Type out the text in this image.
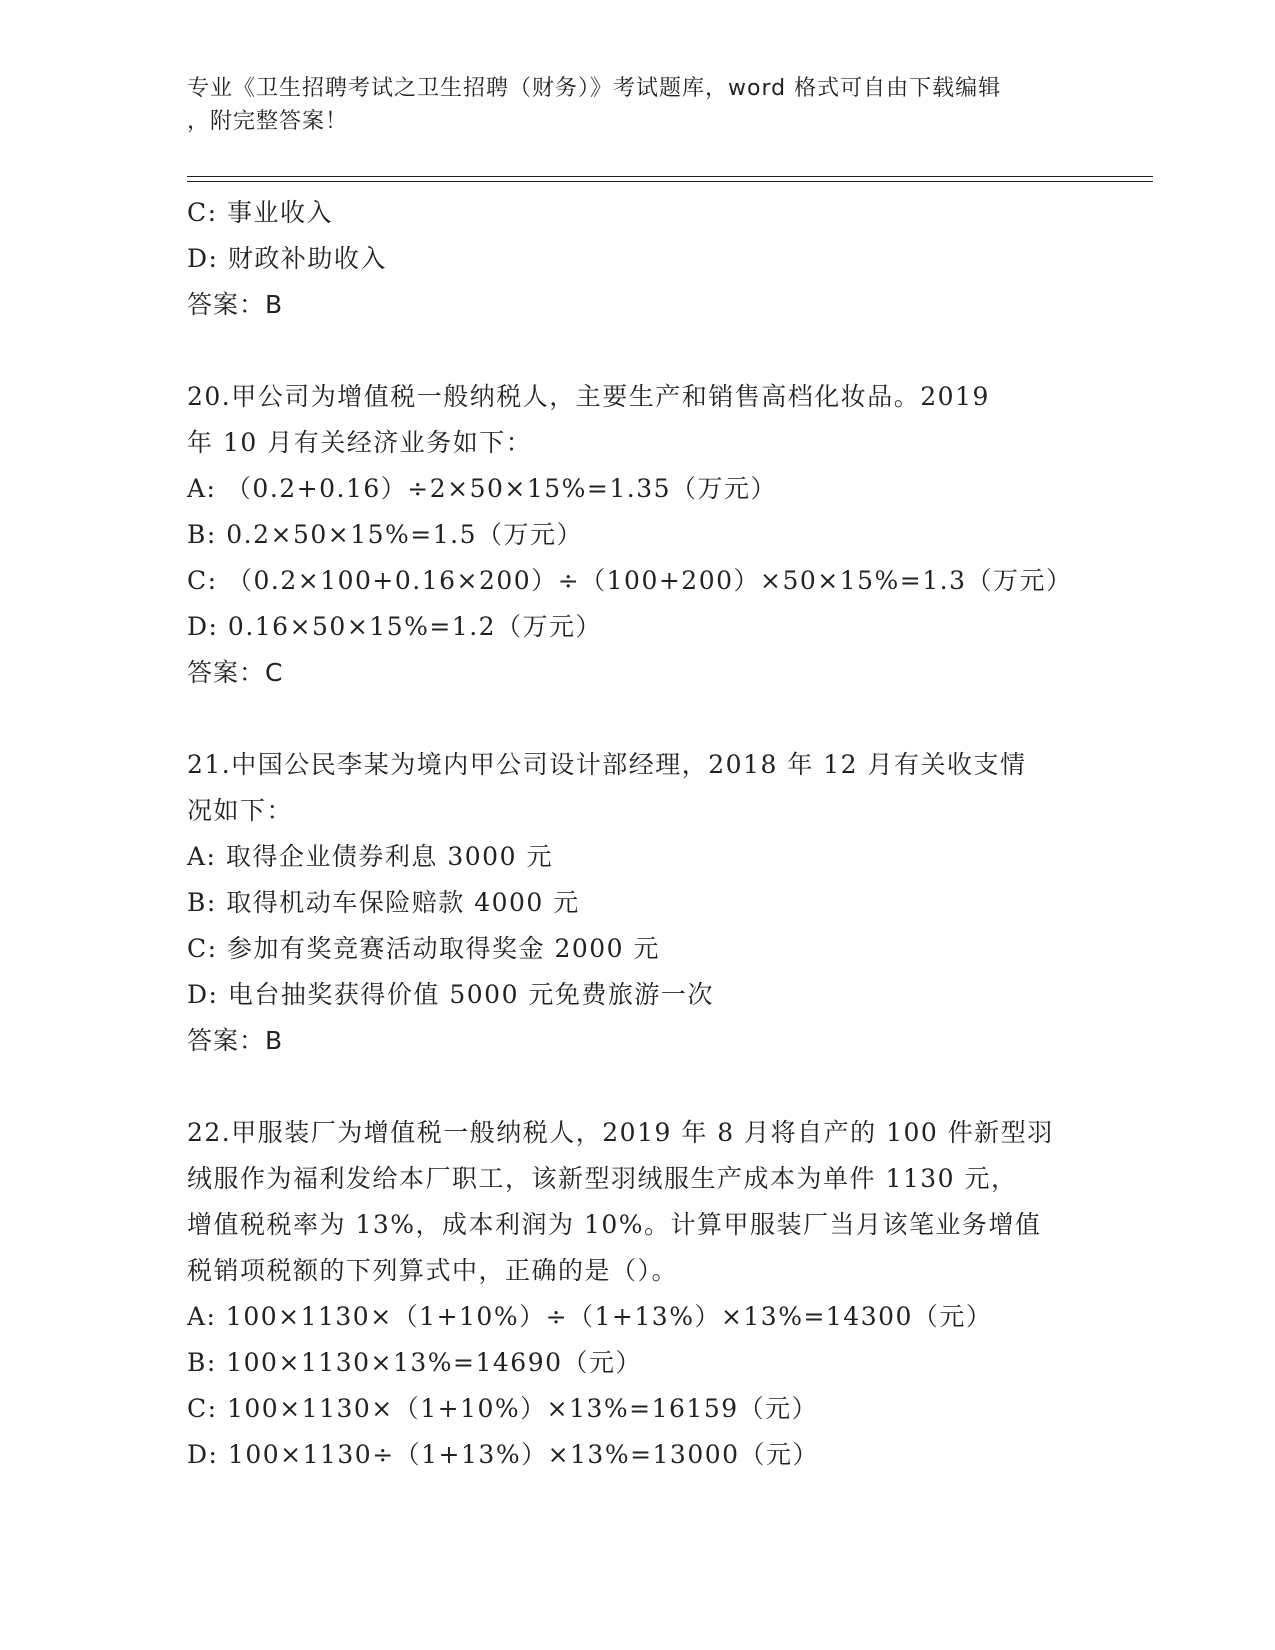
专业《卫生招聘考试之卫生招聘（财务）》考试题库，word 格式可自由下载编辑
，附完整答案！
C: 事业收入
D: 财政补助收入
答案：B
20.甲公司为增值税一般纳税人，主要生产和销售高档化妆品。2019
年 10 月有关经济业务如下：
A: （0.2+0.16）÷2×50×15%=1.35（万元）
B: 0.2×50×15%=1.5（万元）
C: （0.2×100+0.16×200）÷（100+200）×50×15%=1.3（万元）
D: 0.16×50×15%=1.2（万元）
答案：C
21.中国公民李某为境内甲公司设计部经理，2018 年 12 月有关收支情
况如下：
A: 取得企业债券利息 3000 元
B: 取得机动车保险赔款 4000 元
C: 参加有奖竞赛活动取得奖金 2000 元
D: 电台抽奖获得价值 5000 元免费旅游一次
答案：B
22.甲服装厂为增值税一般纳税人，2019 年 8 月将自产的 100 件新型羽
绒服作为福利发给本厂职工，该新型羽绒服生产成本为单件 1130 元，
增值税税率为 13%，成本利润为 10%。计算甲服装厂当月该笔业务增值
税销项税额的下列算式中，正确的是（）。
A: 100×1130×（1+10%）÷（1+13%）×13%=14300（元）
B: 100×1130×13%=14690（元）
C: 100×1130×（1+10%）×13%=16159（元）
D: 100×1130÷（1+13%）×13%=13000（元）
